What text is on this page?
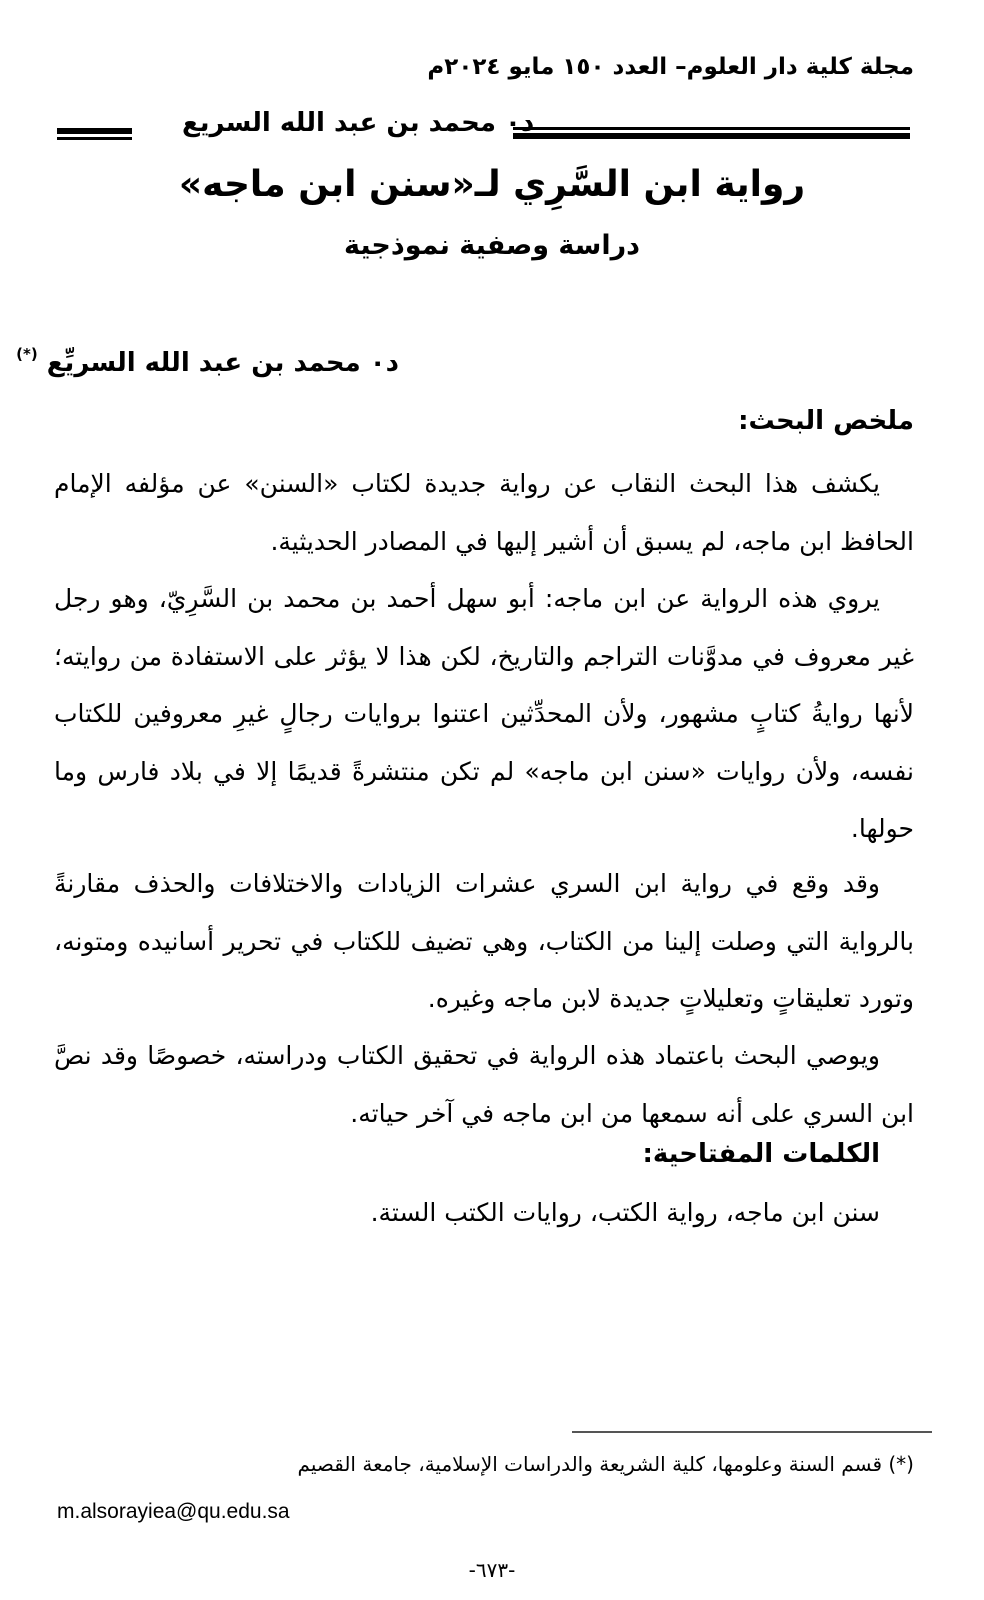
مجلة كلية دار العلوم– العدد ١٥٠ مايو ٢٠٢٤م
د٠ محمد بن عبد الله السريع
رواية ابن السَّرِي لـ«سنن ابن ماجه»
دراسة وصفية نموذجية
د٠ محمد بن عبد الله السريِّع (*)
ملخص البحث:

يكشف هذا البحث النقاب عن رواية جديدة لكتاب «السنن» عن مؤلفه الإمام الحافظ ابن ماجه، لم يسبق أن أشير إليها في المصادر الحديثية.

يروي هذه الرواية عن ابن ماجه: أبو سهل أحمد بن محمد بن السَّرِيّ، وهو رجل غير معروف في مدوَّنات التراجم والتاريخ، لكن هذا لا يؤثر على الاستفادة من روايته؛ لأنها روايةُ كتابٍ مشهور، ولأن المحدِّثين اعتنوا بروايات رجالٍ غيرِ معروفين للكتاب نفسه، ولأن روايات «سنن ابن ماجه» لم تكن منتشرةً قديمًا إلا في بلاد فارس وما حولها.

وقد وقع في رواية ابن السري عشرات الزيادات والاختلافات والحذف مقارنةً بالرواية التي وصلت إلينا من الكتاب، وهي تضيف للكتاب في تحرير أسانيده ومتونه، وتورد تعليقاتٍ وتعليلاتٍ جديدة لابن ماجه وغيره.

ويوصي البحث باعتماد هذه الرواية في تحقيق الكتاب ودراسته، خصوصًا وقد نصَّ ابن السري على أنه سمعها من ابن ماجه في آخر حياته.

الكلمات المفتاحية:
سنن ابن ماجه، رواية الكتب، روايات الكتب الستة.
(*) قسم السنة وعلومها، كلية الشريعة والدراسات الإسلامية، جامعة القصيم
m.alsorayiea@qu.edu.sa
-٦٧٣-
